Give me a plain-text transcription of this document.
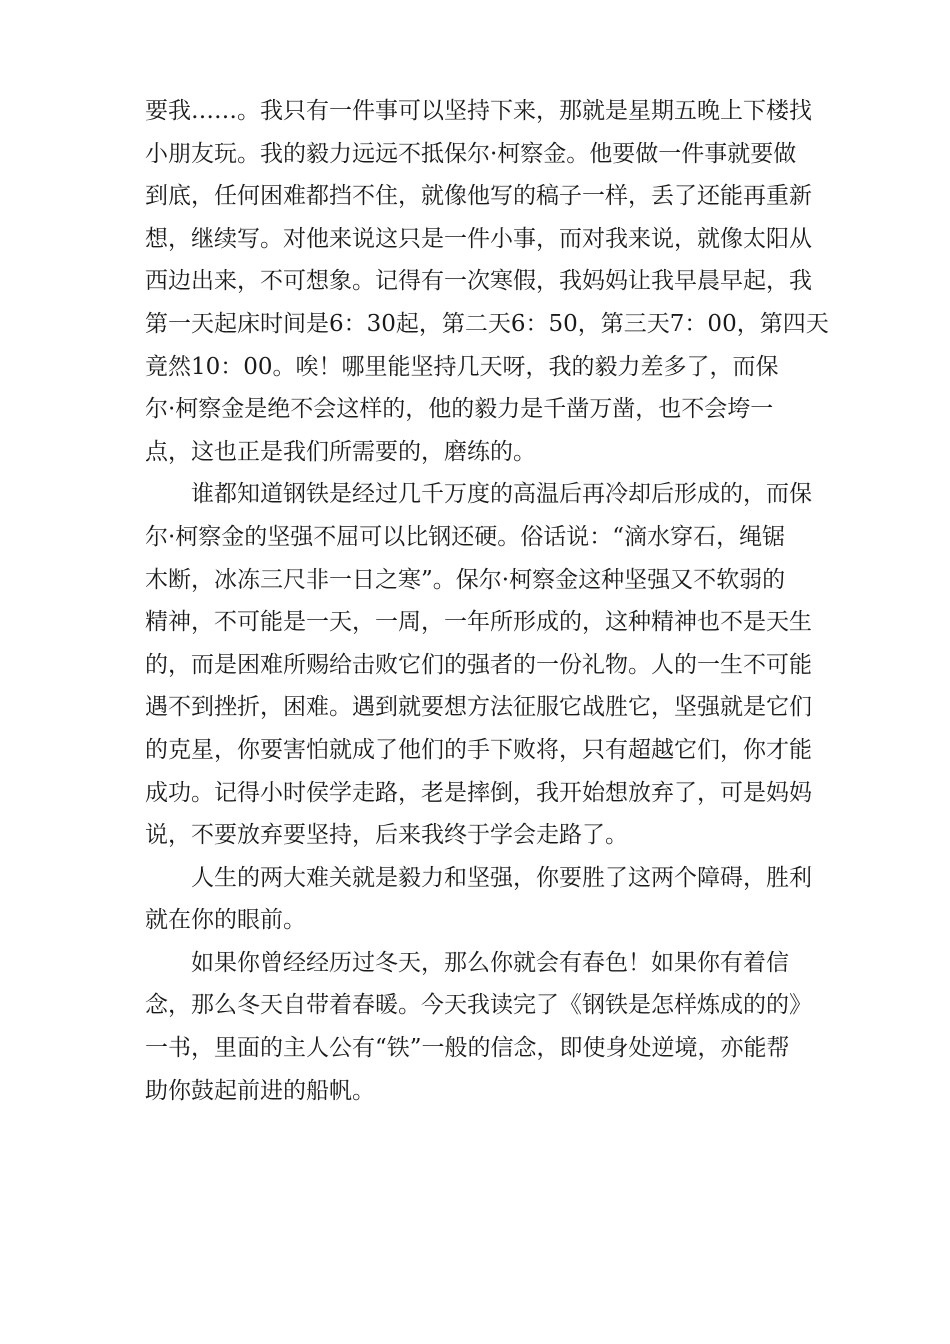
要我……。我只有一件事可以坚持下来，那就是星期五晚上下楼找
小朋友玩。我的毅力远远不抵保尔·柯察金。他要做一件事就要做
到底，任何困难都挡不住，就像他写的稿子一样，丢了还能再重新
想，继续写。对他来说这只是一件小事，而对我来说，就像太阳从
西边出来，不可想象。记得有一次寒假，我妈妈让我早晨早起，我
第一天起床时间是6：30起，第二天6：50，第三天7：00，第四天
竟然10：00。唉！哪里能坚持几天呀，我的毅力差多了，而保
尔·柯察金是绝不会这样的，他的毅力是千凿万凿，也不会垮一
点，这也正是我们所需要的，磨练的。
谁都知道钢铁是经过几千万度的高温后再冷却后形成的，而保
尔·柯察金的坚强不屈可以比钢还硬。俗话说：“滴水穿石，绳锯
木断，冰冻三尺非一日之寒”。保尔·柯察金这种坚强又不软弱的
精神，不可能是一天，一周，一年所形成的，这种精神也不是天生
的，而是困难所赐给击败它们的强者的一份礼物。人的一生不可能
遇不到挫折，困难。遇到就要想方法征服它战胜它，坚强就是它们
的克星，你要害怕就成了他们的手下败将，只有超越它们，你才能
成功。记得小时侯学走路，老是摔倒，我开始想放弃了，可是妈妈
说，不要放弃要坚持，后来我终于学会走路了。
人生的两大难关就是毅力和坚强，你要胜了这两个障碍，胜利
就在你的眼前。
如果你曾经经历过冬天，那么你就会有春色！如果你有着信
念，那么冬天自带着春暖。今天我读完了《钢铁是怎样炼成的的》
一书，里面的主人公有“铁”一般的信念，即使身处逆境，亦能帮
助你鼓起前进的船帆。
